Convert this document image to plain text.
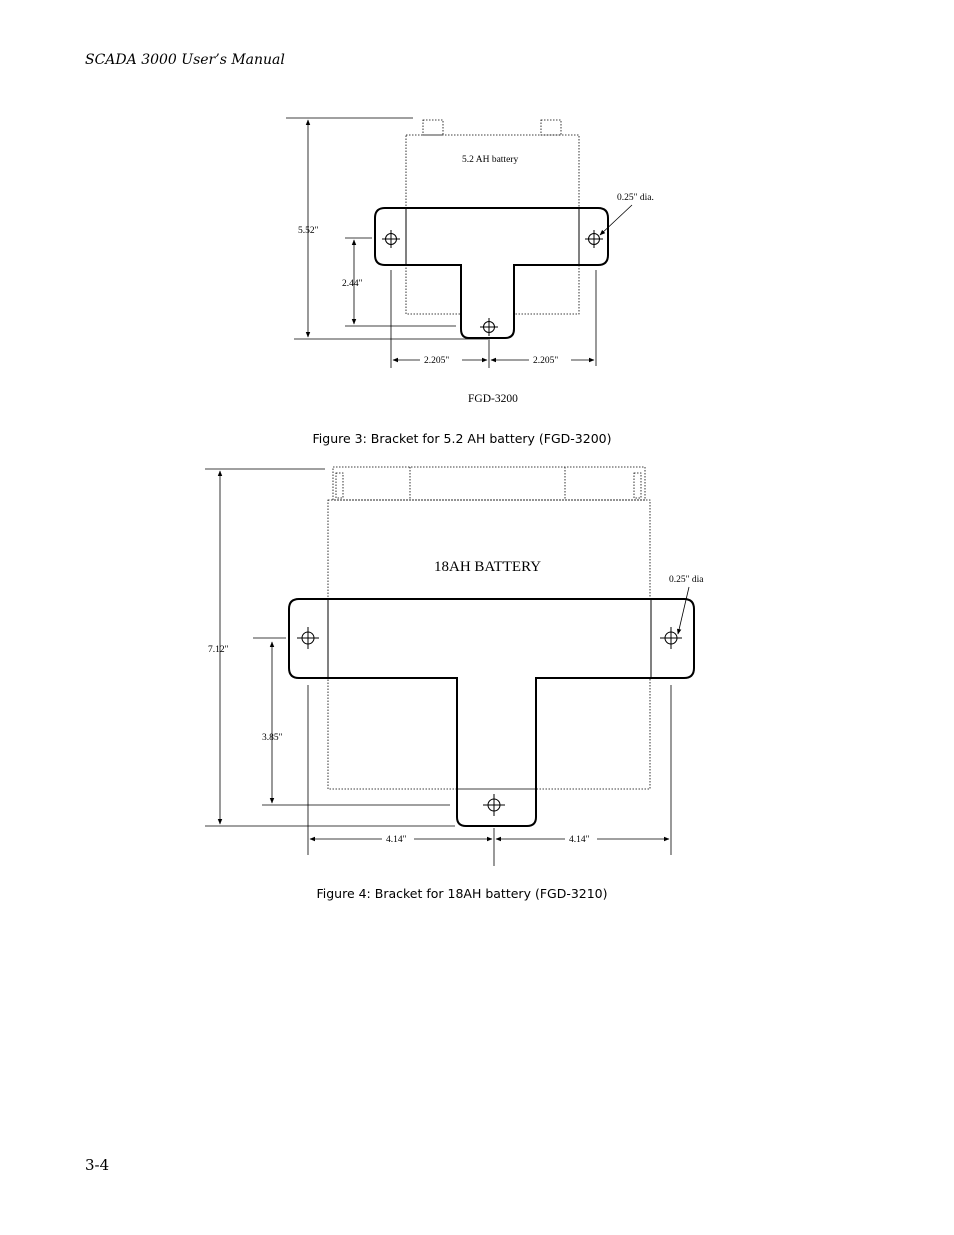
SCADA 3000 User’s Manual
5.2 AH battery
0.25" dia.
5.52"
2.44"
2.205"	2.205"
FGD-3200
Figure 3: Bracket for 5.2 AH battery (FGD-3200)
18AH BATTERY
0.25" dia
7.12"
3.85"
4.14"	4.14"
Figure 4: Bracket for 18AH battery (FGD-3210)
3-4
